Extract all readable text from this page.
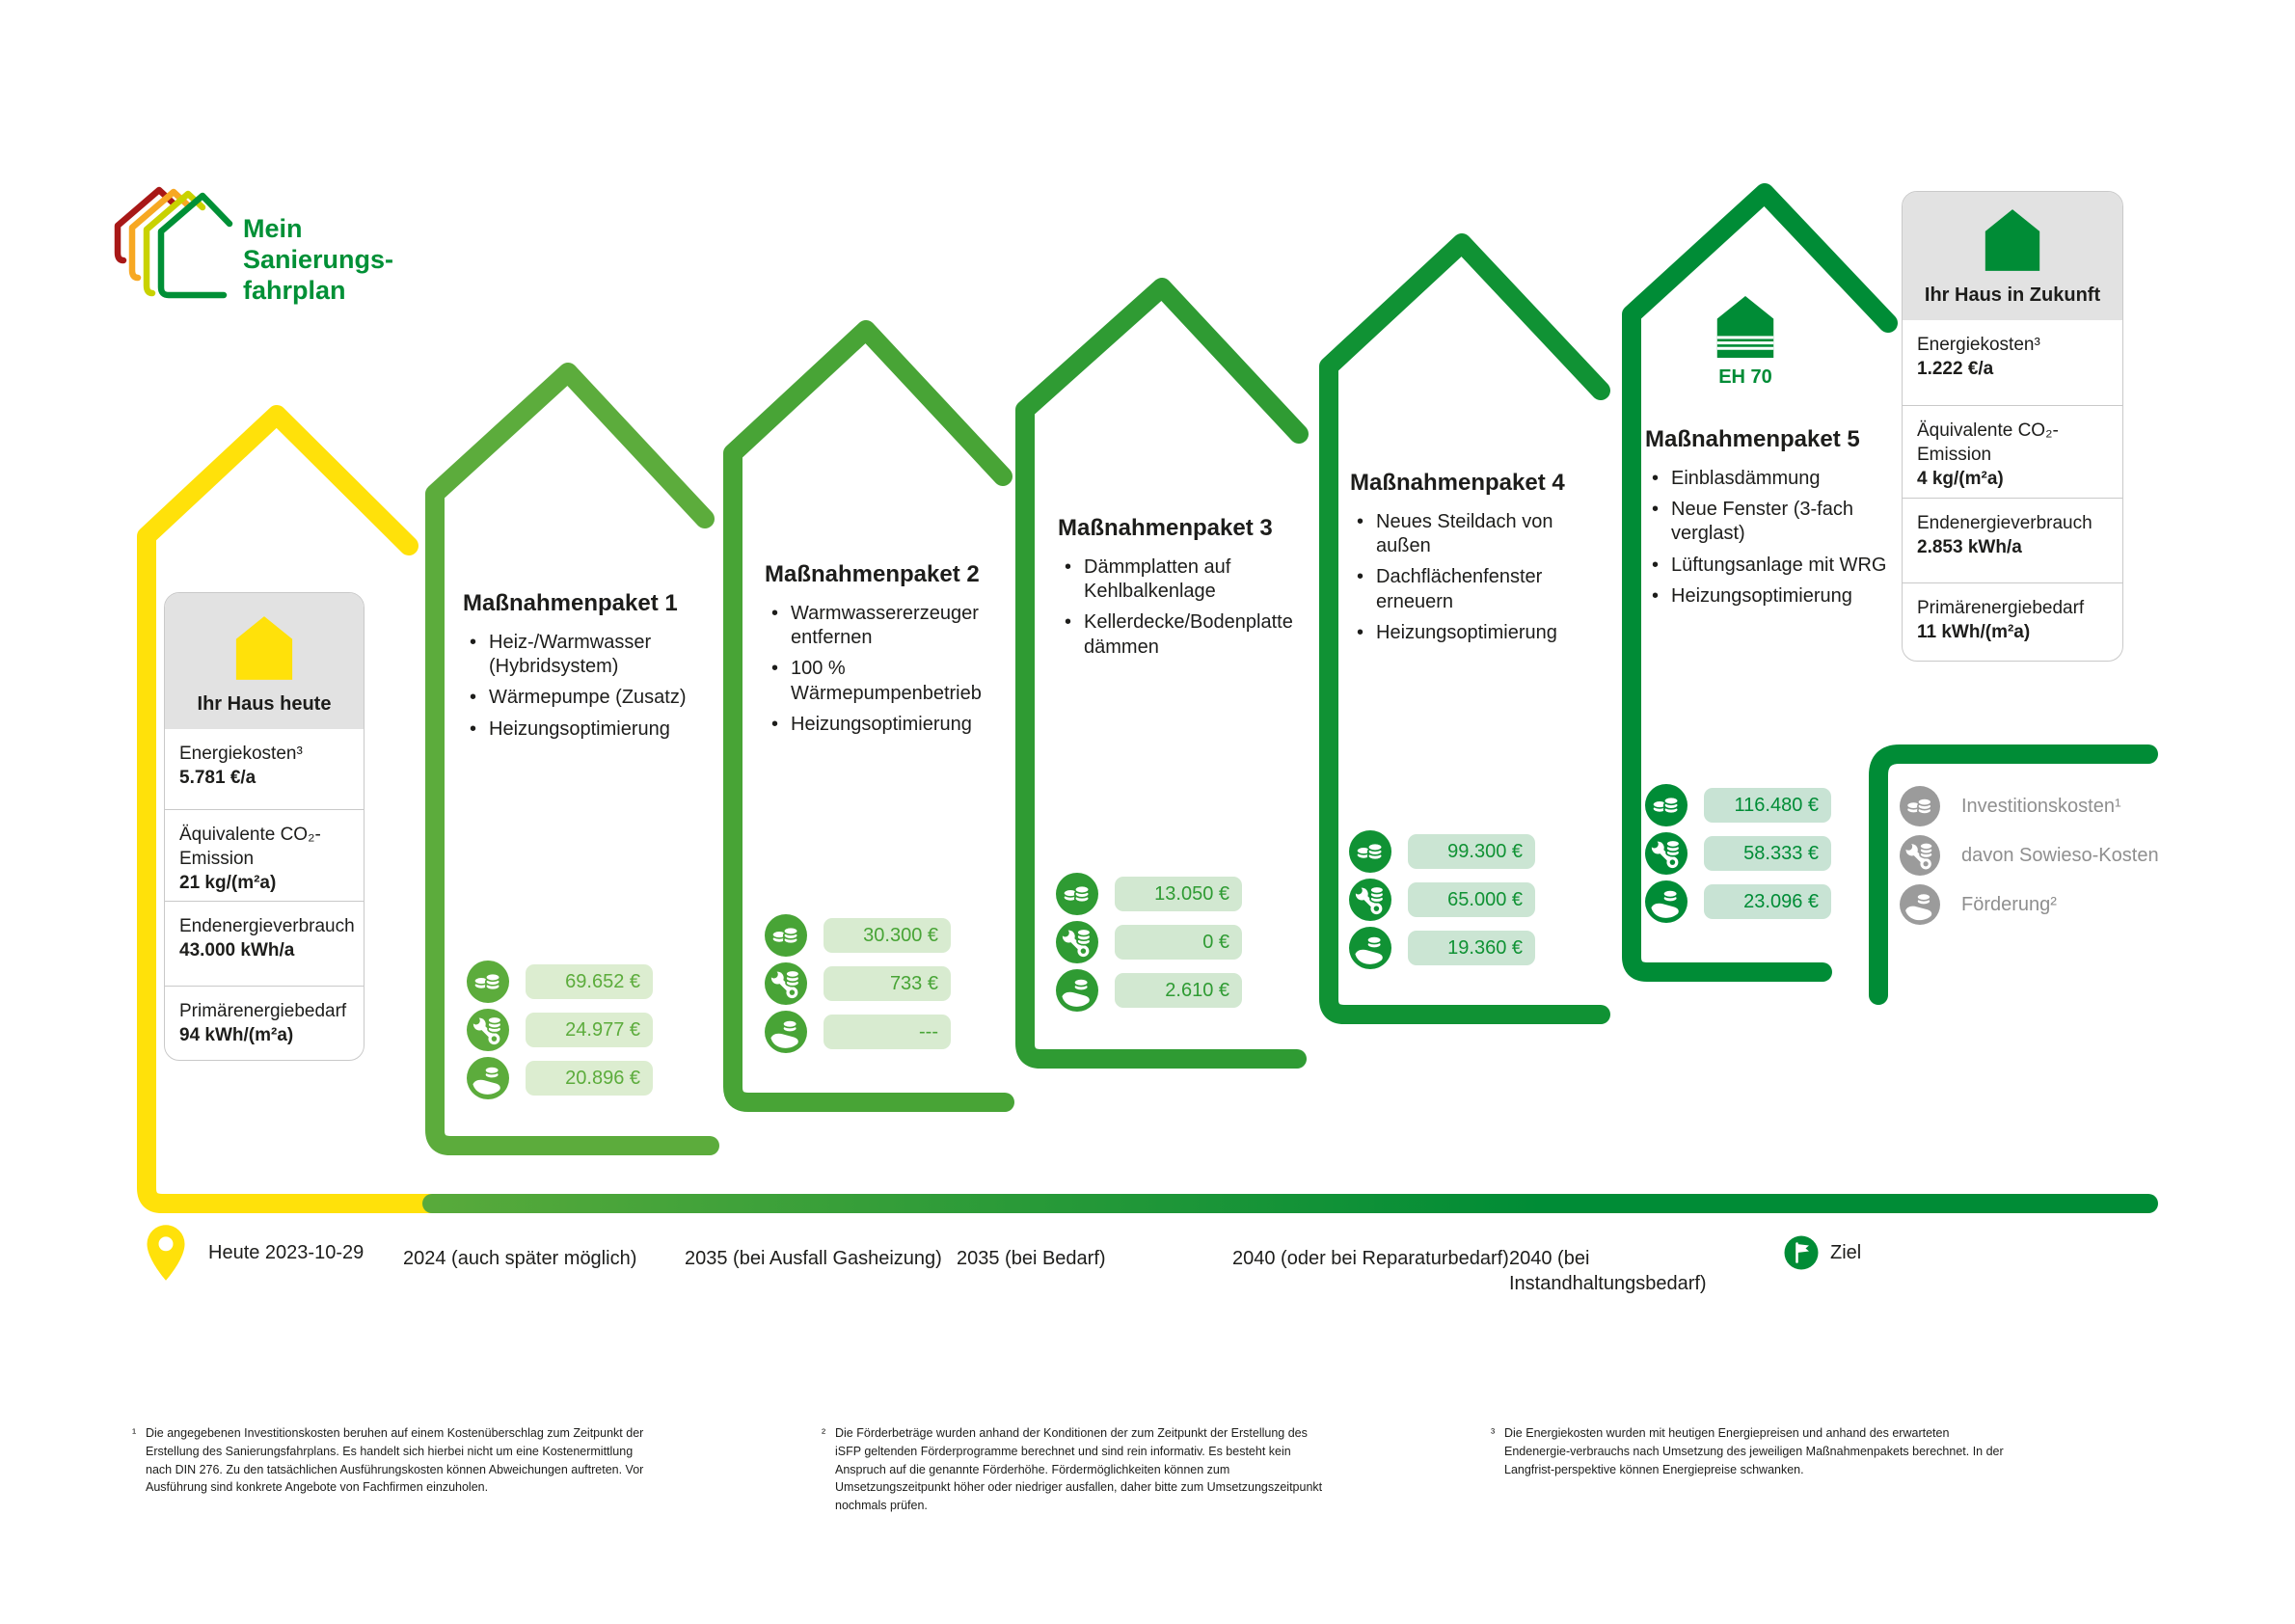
Mein
Sanierungs-
fahrplan
Ihr Haus heute
Energiekosten³
5.781 €/a
Äquivalente CO₂-Emission
21 kg/(m²a)
Endenergieverbrauch
43.000 kWh/a
Primärenergiebedarf
94 kWh/(m²a)
Ihr Haus in Zukunft
Energiekosten³
1.222 €/a
Äquivalente CO₂-Emission
4 kg/(m²a)
Endenergieverbrauch
2.853 kWh/a
Primärenergiebedarf
11 kWh/(m²a)
EH 70
Maßnahmenpaket 1
• Heiz-/Warmwasser (Hybridsystem)
• Wärmepumpe (Zusatz)
• Heizungsoptimierung
Maßnahmenpaket 2
• Warmwassererzeuger entfernen
• 100 % Wärmepumpenbetrieb
• Heizungsoptimierung
Maßnahmenpaket 3
• Dämmplatten auf Kehlbalkenlage
• Kellerdecke/Bodenplatte dämmen
Maßnahmenpaket 4
• Neues Steildach von außen
• Dachflächenfenster erneuern
• Heizungsoptimierung
Maßnahmenpaket 5
• Einblasdämmung
• Neue Fenster (3-fach verglast)
• Lüftungsanlage mit WRG
• Heizungsoptimierung
69.652 €
24.977 €
20.896 €
30.300 €
733 €
---
13.050 €
0 €
2.610 €
99.300 €
65.000 €
19.360 €
116.480 €
58.333 €
23.096 €
Investitionskosten¹
davon Sowieso-Kosten
Förderung²
Heute 2023-10-29 2024 (auch später möglich) 2035 (bei Ausfall Gasheizung) 2035 (bei Bedarf)	2040 (oder bei Reparaturbedarf) 2040 (bei Instandhaltungsbedarf)
Ziel
¹ Die angegebenen Investitionskosten beruhen auf einem Kostenüberschlag zum Zeitpunkt der Erstellung des Sanierungsfahrplans. Es handelt sich hierbei nicht um eine Kostenermittlung nach DIN 276. Zu den tatsächlichen Ausführungskosten können Abweichungen auftreten. Vor Ausführung sind konkrete Angebote von Fachfirmen einzuholen.
² Die Förderbeträge wurden anhand der Konditionen der zum Zeitpunkt der Erstellung des iSFP geltenden Förderprogramme berechnet und sind rein informativ. Es besteht kein Anspruch auf die genannte Förderhöhe. Fördermöglichkeiten können zum Umsetzungszeitpunkt höher oder niedriger ausfallen, daher bitte zum Umsetzungszeitpunkt nochmals prüfen.
³ Die Energiekosten wurden mit heutigen Energiepreisen und anhand des erwarteten Endenergie-verbrauchs nach Umsetzung des jeweiligen Maßnahmenpakets berechnet. In der Langfrist-perspektive können Energiepreise schwanken.
